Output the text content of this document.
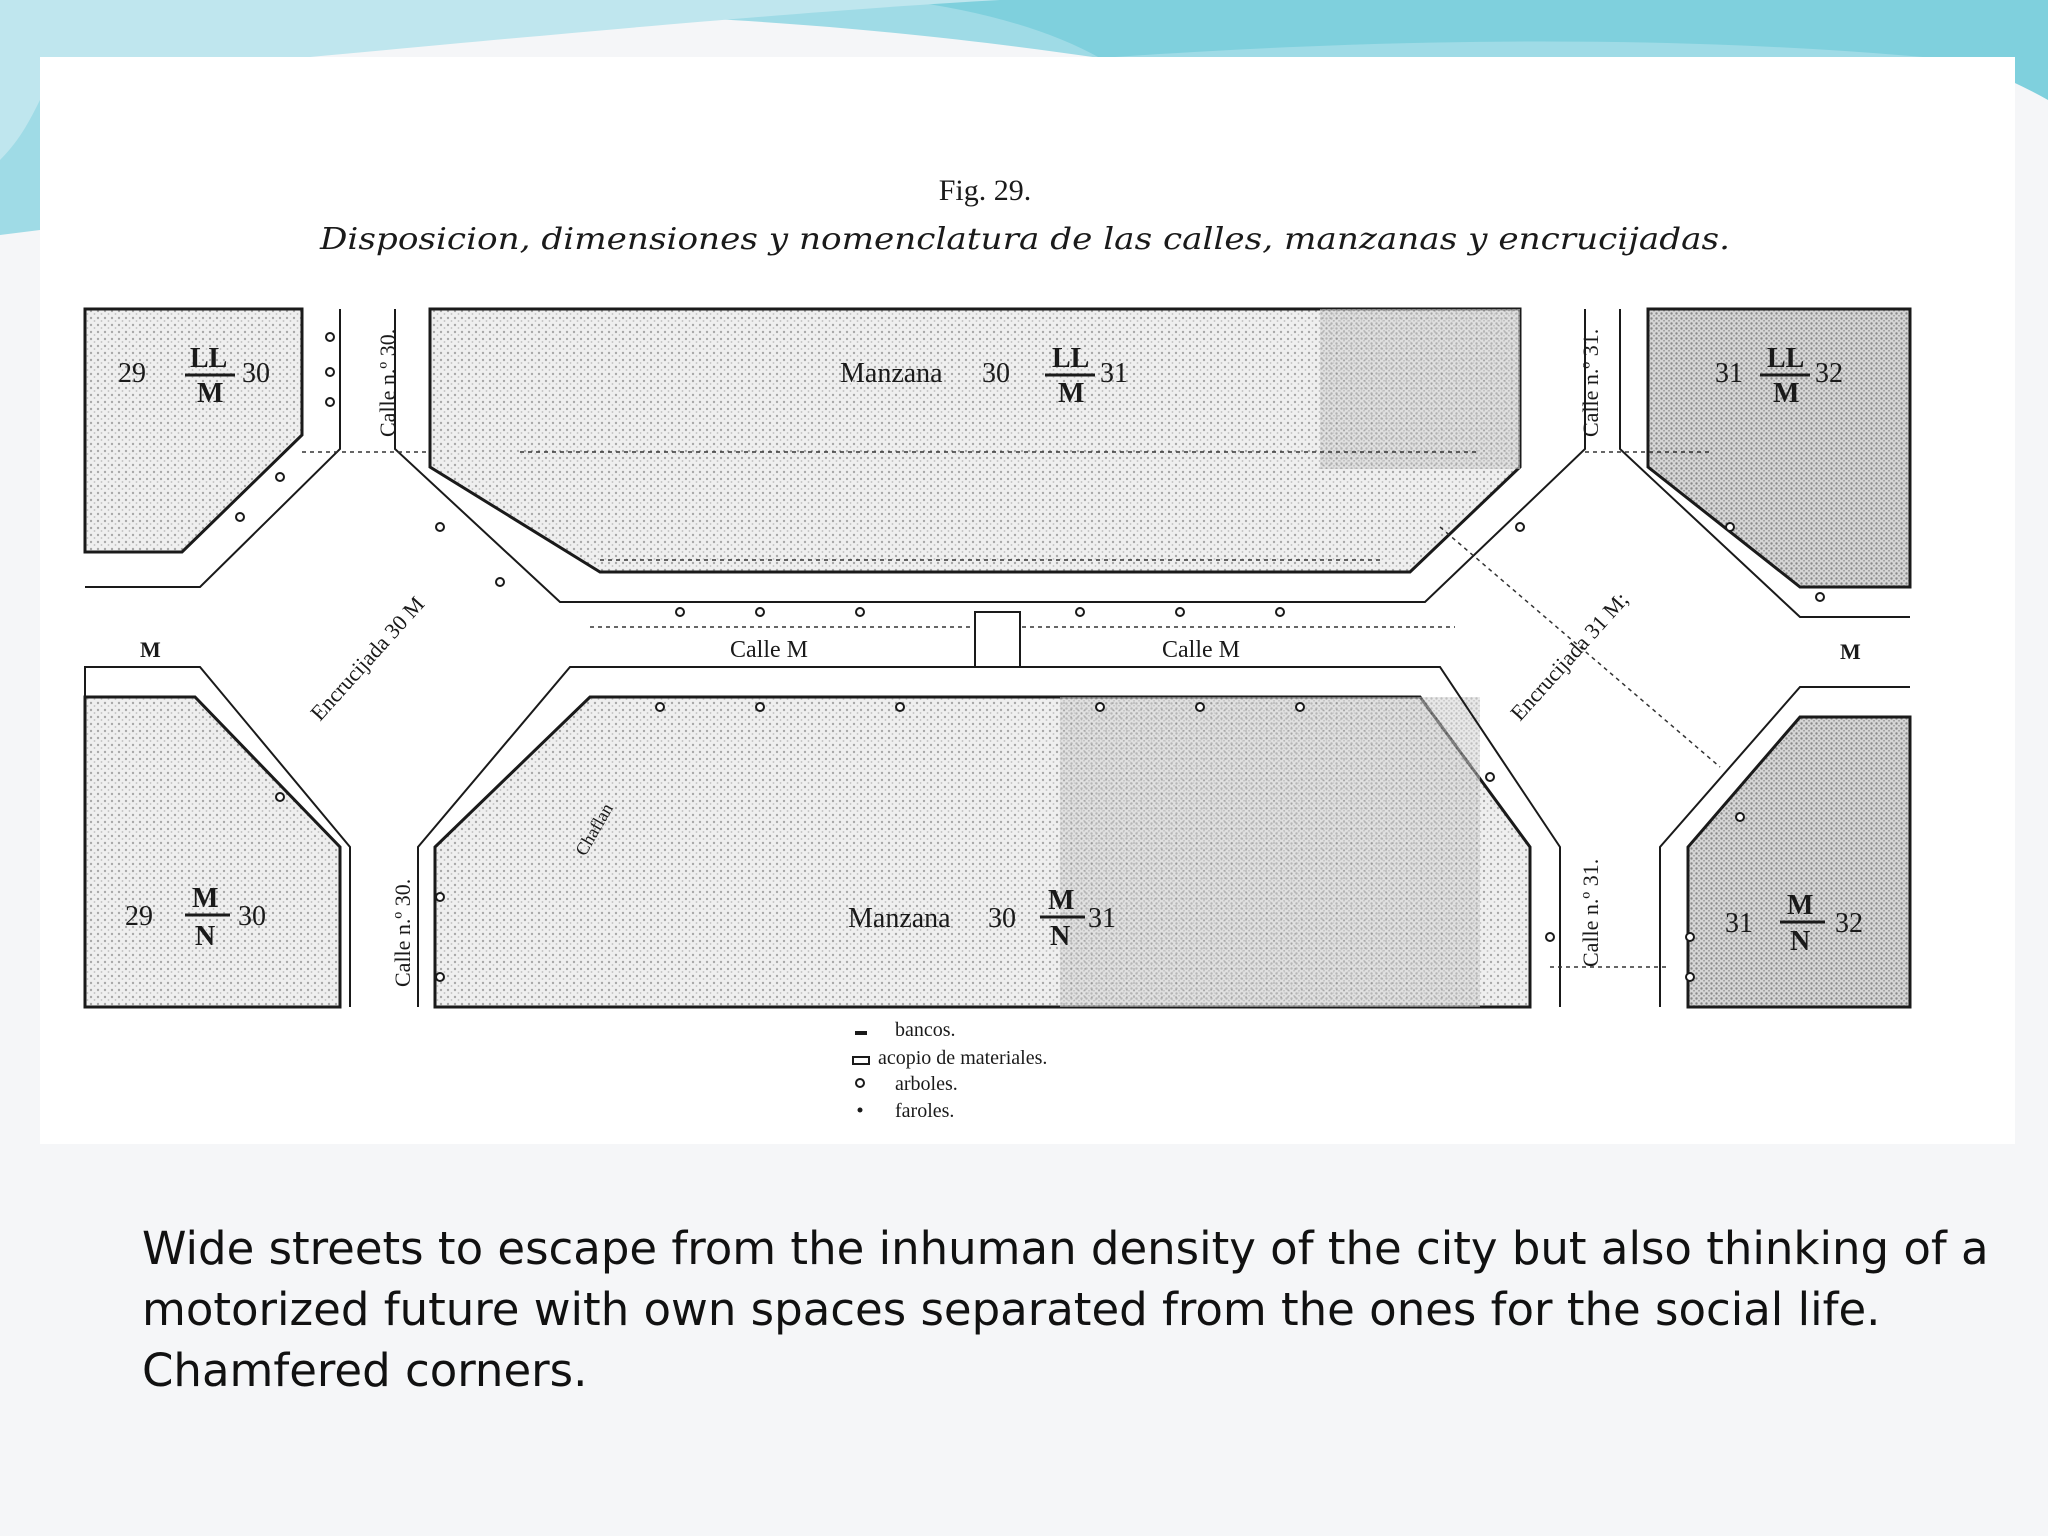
29 LL
M
30	Manzana 30 LL
M
31	31 LL
M
32
29
M
N
30	Manzana 30
M
N
31	31
M
N
32
Calle n.º 30.
Calle n.º 30.
Calle n.º 31.
Calle n.º 31.
Calle M	Calle M
M	M
Encrucijada 30 M	Encrucijada 31 M;
Chaflan
Fig. 29.
Disposicion, dimensiones y nomenclatura de las calles, manzanas y encrucijadas.
bancos.
acopio de materiales.
arboles.
faroles.
Wide streets to escape from the inhuman density of the city but also thinking of a
motorized future with own spaces separated from the ones for the social life.
Chamfered corners.
